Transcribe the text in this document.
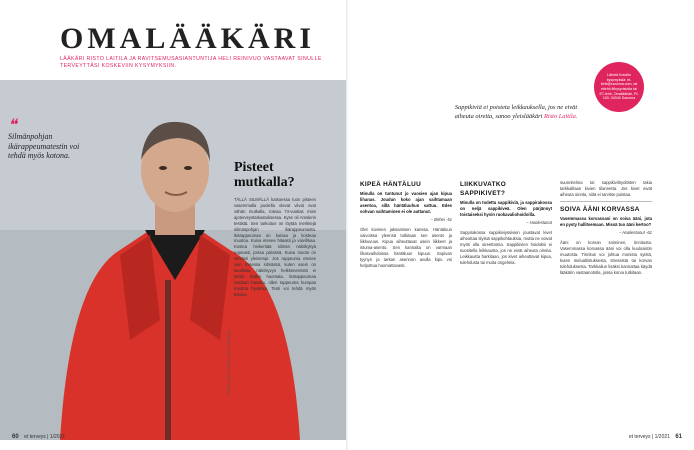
OMALÄÄKÄRI
LÄÄKÄRI RISTO LAITILA JA RAVITSEMUSASIANTUNTIJA HELI REINIVUO VASTAAVAT SINULLE TERVEYTTÄSI KOSKEVIIN KYSYMYKSIIN.
❝
Silmänpohjan ikärappeumatestin voi tehdä myös kotona.
KUVA KRISTIINA KONTONIEMI
Pisteet mutkalla?

TÄLLÄ SILMÄLLÄ katsoessa tuon pisteen vasemmalla puolella olevat viivat ovat vähän mutkalla, toteaa 74-vuotias mies ajoterveystarkastuksessa. Kyse oli Amslerin testistä. Sen tarkoitus on löytää merkkejä silmänpohjan ikärappeumasta. Ikärappeumaa on kuivaa ja kosteaa muotoa. Kuiva etenee hitaasti ja vaivihkaa. Kostea heikentää silmän näkökykyä nopeasti, joissa päivissä. Kuiva muoto on selvästi yleisempi. Jos rappeuma etenee vain toisessa silmässä, kuten usein on tavallista, näkökyvyn heikkenemistä ei tahdo lisäksi huomata. Ikärappeumaa voidaan havaita, ollen tappeuma kumpaa muotoa hyvänsä. Testi voi tehdä myös kotona.

60 et terveys | 1/2021
Sappikiviä ei poisteta leikkauksella, jos ne eivät aiheuta oireita, sanoo yleislääkäri Risto Laitila.
Lähetä Kotoiiln kysymyksiä: et-lehti@sanoma.com, tai etlehti.fi/kysyristolta tai ET-lehti, Omalääkäri, PL 100, 00040 Sanoma
KIPEÄ HÄNTÄLUU

Minulla on tuntunut jo vuosien ajan kipua lihanas. Joudun koko ajan vaihtamaan asentoa, sillä häntäluuhun sattuu. Edes sohvan vaihtaminen ei ole auttanut.

– Birhei -51

Olet kovinen jaksamisen kanssa. Häntäluun vaivoissa yleensä tutkitaan sen asento ja liikkuvuus. Kipua aiheuttavat usein liikkeet ja istuma-asento. Sen kannalta on varmaan lihasvaihdoissa häntäluun kipuun. Sopivan tyynyn ja tarkan asennon avulla kipu voi helpottua huomattavasti.

LIIKKUVATKO SAPPIKIVET?

Minulla on todettu sappikiviä, ja sappirakossa on neljä sappikiveä. Olen pärjännyt toistaiseksi hyvin ruokavaliohoidoilla.

– Huolestunut

Sappirakossa sappikiviyssivien joustavat kivet aiheuttaa tiiyisiä sappikohtauksia, mutta ne voivat myös olla oireettomia. Sappikivien hoidoksi ei suositella leikkausta, jos ne eivät aiheuta oireita. Leikkausta harkitaan, jos kivet aiheuttavat kipua, tulehdusta tai muita ongelmia.

suunnitelma tai sappikivilöydösten takia tarkkaillaan kivien tilannetta. Jos kivet eivät aiheuta oireita, niitä ei tarvitse poistaa.

SOIVA ÄÄNI KORVASSA

Vasemmassa korvassani on soiva ääni, jota en pysty hallitsemaan. Missä tuo ääni kertoo?

– Huolestunut -61

Ääni on korvan soiminen, tinnitusta. Vasemmassa korvassa ääni voi olla kuuloaistin muutosta. Tinnitus voi johtua monista syistä, kuten melualtistuksesta, stressistä tai korvan tulehduksesta. Tarkkailun lisäksi kannattaa käydä lääkärin vastaanotolla, jossa korva tutkitaan.

et terveys | 1/2021 61
